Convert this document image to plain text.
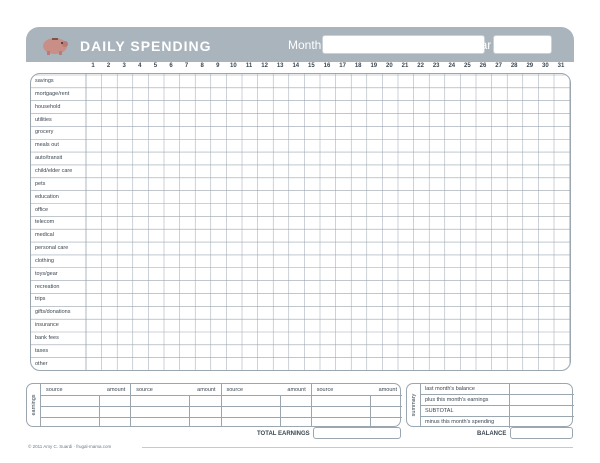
DAILY SPENDING	Month	Year
1	2	3	4	5	6	7	8	9	10	11	12	13	14	15	16	17	18	19	20	21	22	23	24	25	26	27	28	29	30	31
savings
mortgage/rent
household
utilities
grocery
meals out
auto/transit
child/elder care
pets
education
office
telecom
medical
personal care
clothing
toys/gear
recreation
trips
gifts/donations
insurance
bank fees
taxes
other
earnings
source	amount source	amount source	amount source	amount
TOTAL EARNINGS
summary
last month's balance
plus this month's earnings
SUBTOTAL
minus this month's spending
BALANCE
© 2011 Amy C. Suardi · frugal-mama.com
